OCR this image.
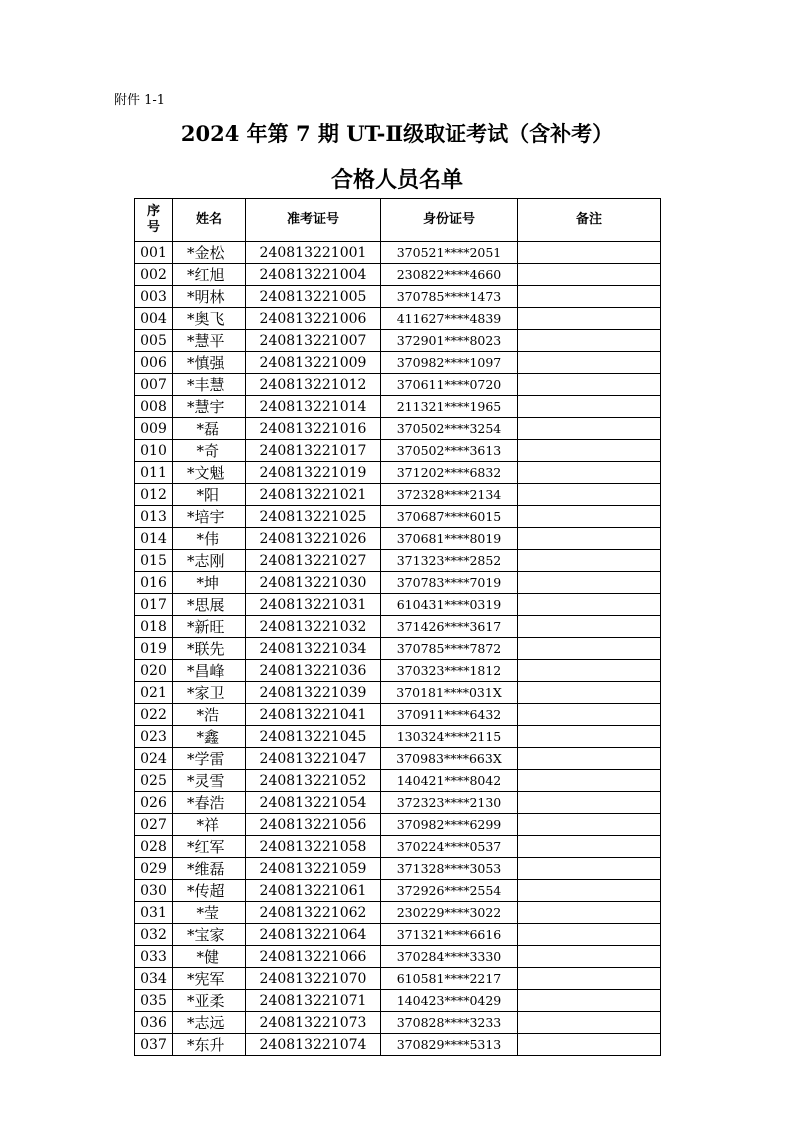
附件 1-1
2024 年第 7 期 UT-Ⅱ级取证考试（含补考）
合格人员名单
序
号	姓名	准考证号	身份证号	备注
001	*金松	240813221001	370521****2051	
002	*红旭	240813221004	230822****4660	
003	*明林	240813221005	370785****1473	
004	*奥飞	240813221006	411627****4839	
005	*慧平	240813221007	372901****8023	
006	*慎强	240813221009	370982****1097	
007	*丰慧	240813221012	370611****0720	
008	*慧宇	240813221014	211321****1965	
009	*磊	240813221016	370502****3254	
010	*奇	240813221017	370502****3613	
011	*文魁	240813221019	371202****6832	
012	*阳	240813221021	372328****2134	
013	*培宇	240813221025	370687****6015	
014	*伟	240813221026	370681****8019	
015	*志刚	240813221027	371323****2852	
016	*坤	240813221030	370783****7019	
017	*思展	240813221031	610431****0319	
018	*新旺	240813221032	371426****3617	
019	*联先	240813221034	370785****7872	
020	*昌峰	240813221036	370323****1812	
021	*家卫	240813221039	370181****031X	
022	*浩	240813221041	370911****6432	
023	*鑫	240813221045	130324****2115	
024	*学雷	240813221047	370983****663X	
025	*灵雪	240813221052	140421****8042	
026	*春浩	240813221054	372323****2130	
027	*祥	240813221056	370982****6299	
028	*红军	240813221058	370224****0537	
029	*维磊	240813221059	371328****3053	
030	*传超	240813221061	372926****2554	
031	*莹	240813221062	230229****3022	
032	*宝家	240813221064	371321****6616	
033	*健	240813221066	370284****3330	
034	*宪军	240813221070	610581****2217	
035	*亚柔	240813221071	140423****0429	
036	*志远	240813221073	370828****3233	
037	*东升	240813221074	370829****5313	
